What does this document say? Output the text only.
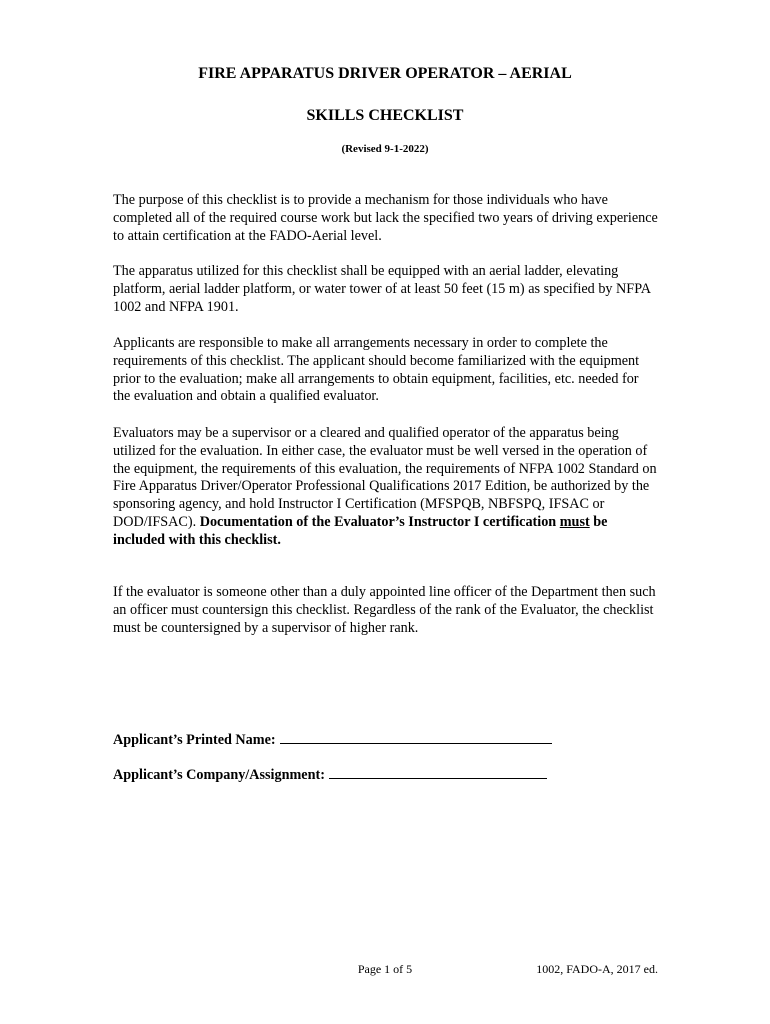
FIRE APPARATUS DRIVER OPERATOR – AERIAL
SKILLS CHECKLIST
(Revised 9-1-2022)

The purpose of this checklist is to provide a mechanism for those individuals who have completed all of the required course work but lack the specified two years of driving experience to attain certification at the FADO-Aerial level.

The apparatus utilized for this checklist shall be equipped with an aerial ladder, elevating platform, aerial ladder platform, or water tower of at least 50 feet (15 m) as specified by NFPA 1002 and NFPA 1901.

Applicants are responsible to make all arrangements necessary in order to complete the requirements of this checklist. The applicant should become familiarized with the equipment prior to the evaluation; make all arrangements to obtain equipment, facilities, etc. needed for the evaluation and obtain a qualified evaluator.

Evaluators may be a supervisor or a cleared and qualified operator of the apparatus being utilized for the evaluation. In either case, the evaluator must be well versed in the operation of the equipment, the requirements of this evaluation, the requirements of NFPA 1002 Standard on Fire Apparatus Driver/Operator Professional Qualifications 2017 Edition, be authorized by the sponsoring agency, and hold Instructor I Certification (MFSPQB, NBFSPQ, IFSAC or DOD/IFSAC). Documentation of the Evaluator’s Instructor I certification must be included with this checklist.

If the evaluator is someone other than a duly appointed line officer of the Department then such an officer must countersign this checklist. Regardless of the rank of the Evaluator, the checklist must be countersigned by a supervisor of higher rank.

Applicant’s Printed Name:
Applicant’s Company/Assignment:
Page 1 of 5	1002, FADO-A, 2017 ed.
